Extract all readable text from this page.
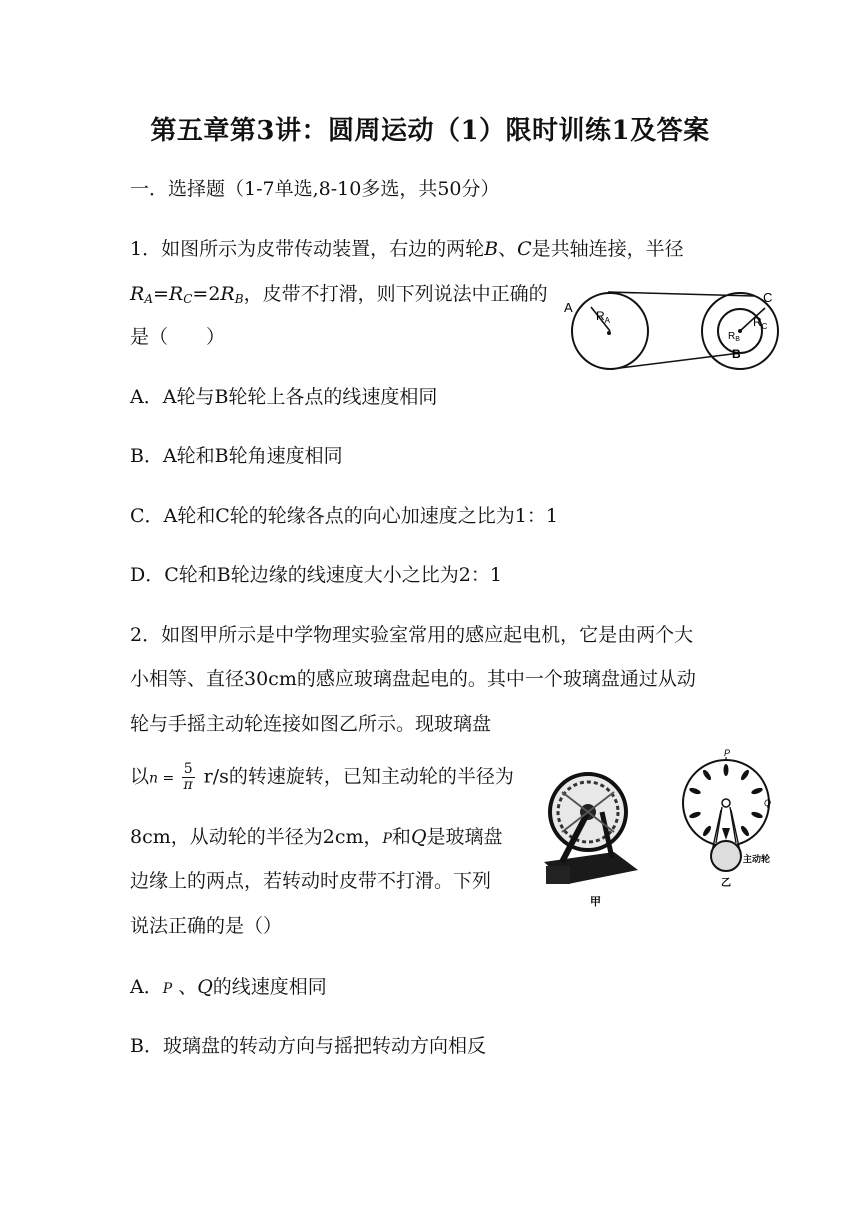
第五章第3讲：圆周运动（1）限时训练1及答案
一．选择题（1-7单选,8-10多选，共50分）
1．如图所示为皮带传动装置，右边的两轮B、C是共轴连接，半径
$R_A=R_C=2R_B$，皮带不打滑，则下列说法中正确的
是（　　）
A
$R_A$
C
$R_C$
$R_B$
B
A．A轮与B轮轮上各点的线速度相同
B．A轮和B轮角速度相同
C．A轮和C轮的轮缘各点的向心加速度之比为1：1
D．C轮和B轮边缘的线速度大小之比为2：1
2．如图甲所示是中学物理实验室常用的感应起电机，它是由两个大
小相等、直径30cm的感应玻璃盘起电的。其中一个玻璃盘通过从动
轮与手摇主动轮连接如图乙所示。现玻璃盘
以$n = \frac{5}{\pi} r/s$的转速旋转，已知主动轮的半径为
8cm，从动轮的半径为2cm，P和Q是玻璃盘
边缘上的两点，若转动时皮带不打滑。下列
说法正确的是（）
甲
P
Q
主动轮
乙
A．P 、Q的线速度相同
B．玻璃盘的转动方向与摇把转动方向相反
